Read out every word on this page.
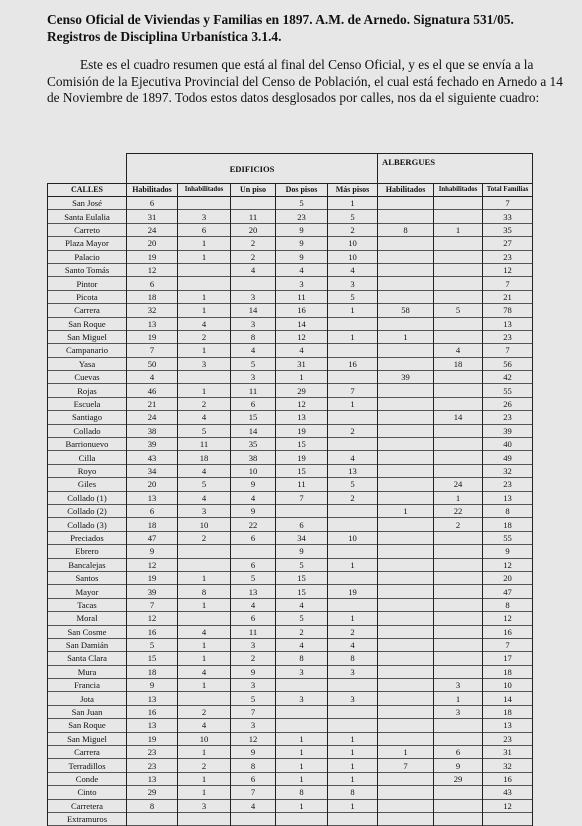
Censo Oficial de Viviendas y Familias en 1897. A.M. de Arnedo. Signatura 531/05. Registros de Disciplina Urbanística 3.1.4.
Este es el cuadro resumen que está al final del Censo Oficial, y es el que se envía a la Comisión de la Ejecutiva Provincial del Censo de Población, el cual está fechado en Arnedo a 14 de Noviembre de 1897. Todos estos datos desglosados por calles, nos da el siguiente cuadro:
	EDIFICIOS					ALBERGUES		
CALLES	Habilitados	Inhabilitados	Un piso	Dos pisos	Más pisos	Habilitados	Inhabilitados	Total Familias
San José	6			5	1			7
Santa Eulalia	31	3	11	23	5			33
Carreto	24	6	20	9	2	8	1	35
Plaza Mayor	20	1	2	9	10			27
Palacio	19	1	2	9	10			23
Santo Tomás	12		4	4	4			12
Pintor	6			3	3			7
Picota	18	1	3	11	5			21
Carrera	32	1	14	16	1	58	5	78
San Roque	13	4	3	14				13
San Miguel	19	2	8	12	1	1		23
Campanario	7	1	4	4			4	7
Yasa	50	3	5	31	16		18	56
Cuevas	4		3	1		39		42
Rojas	46	1	11	29	7			55
Escuela	21	2	6	12	1			26
Santiago	24	4	15	13			14	23
Collado	38	5	14	19	2			39
Barrionuevo	39	11	35	15				40
Cilla	43	18	38	19	4			49
Royo	34	4	10	15	13			32
Giles	20	5	9	11	5		24	23
Collado (1)	13	4	4	7	2		1	13
Collado (2)	6	3	9			1	22	8
Collado (3)	18	10	22	6			2	18
Preciados	47	2	6	34	10			55
Ebrero	9			9				9
Bancalejas	12		6	5	1			12
Santos	19	1	5	15				20
Mayor	39	8	13	15	19			47
Tacas	7	1	4	4				8
Moral	12		6	5	1			12
San Cosme	16	4	11	2	2			16
San Damián	5	1	3	4	4			7
Santa Clara	15	1	2	8	8			17
Mura	18	4	9	3	3			18
Francia	9	1	3				3	10
Jota	13		5	3	3		1	14
San Juan	16	2	7				3	18
San Roque	13	4	3					13
San Miguel	19	10	12	1	1			23
Carrera	23	1	9	1	1	1	6	31
Terradillos	23	2	8	1	1	7	9	32
Conde	13	1	6	1	1		29	16
Cinto	29	1	7	8	8			43
Carretera	8	3	4	1	1			12
Extramuros								
